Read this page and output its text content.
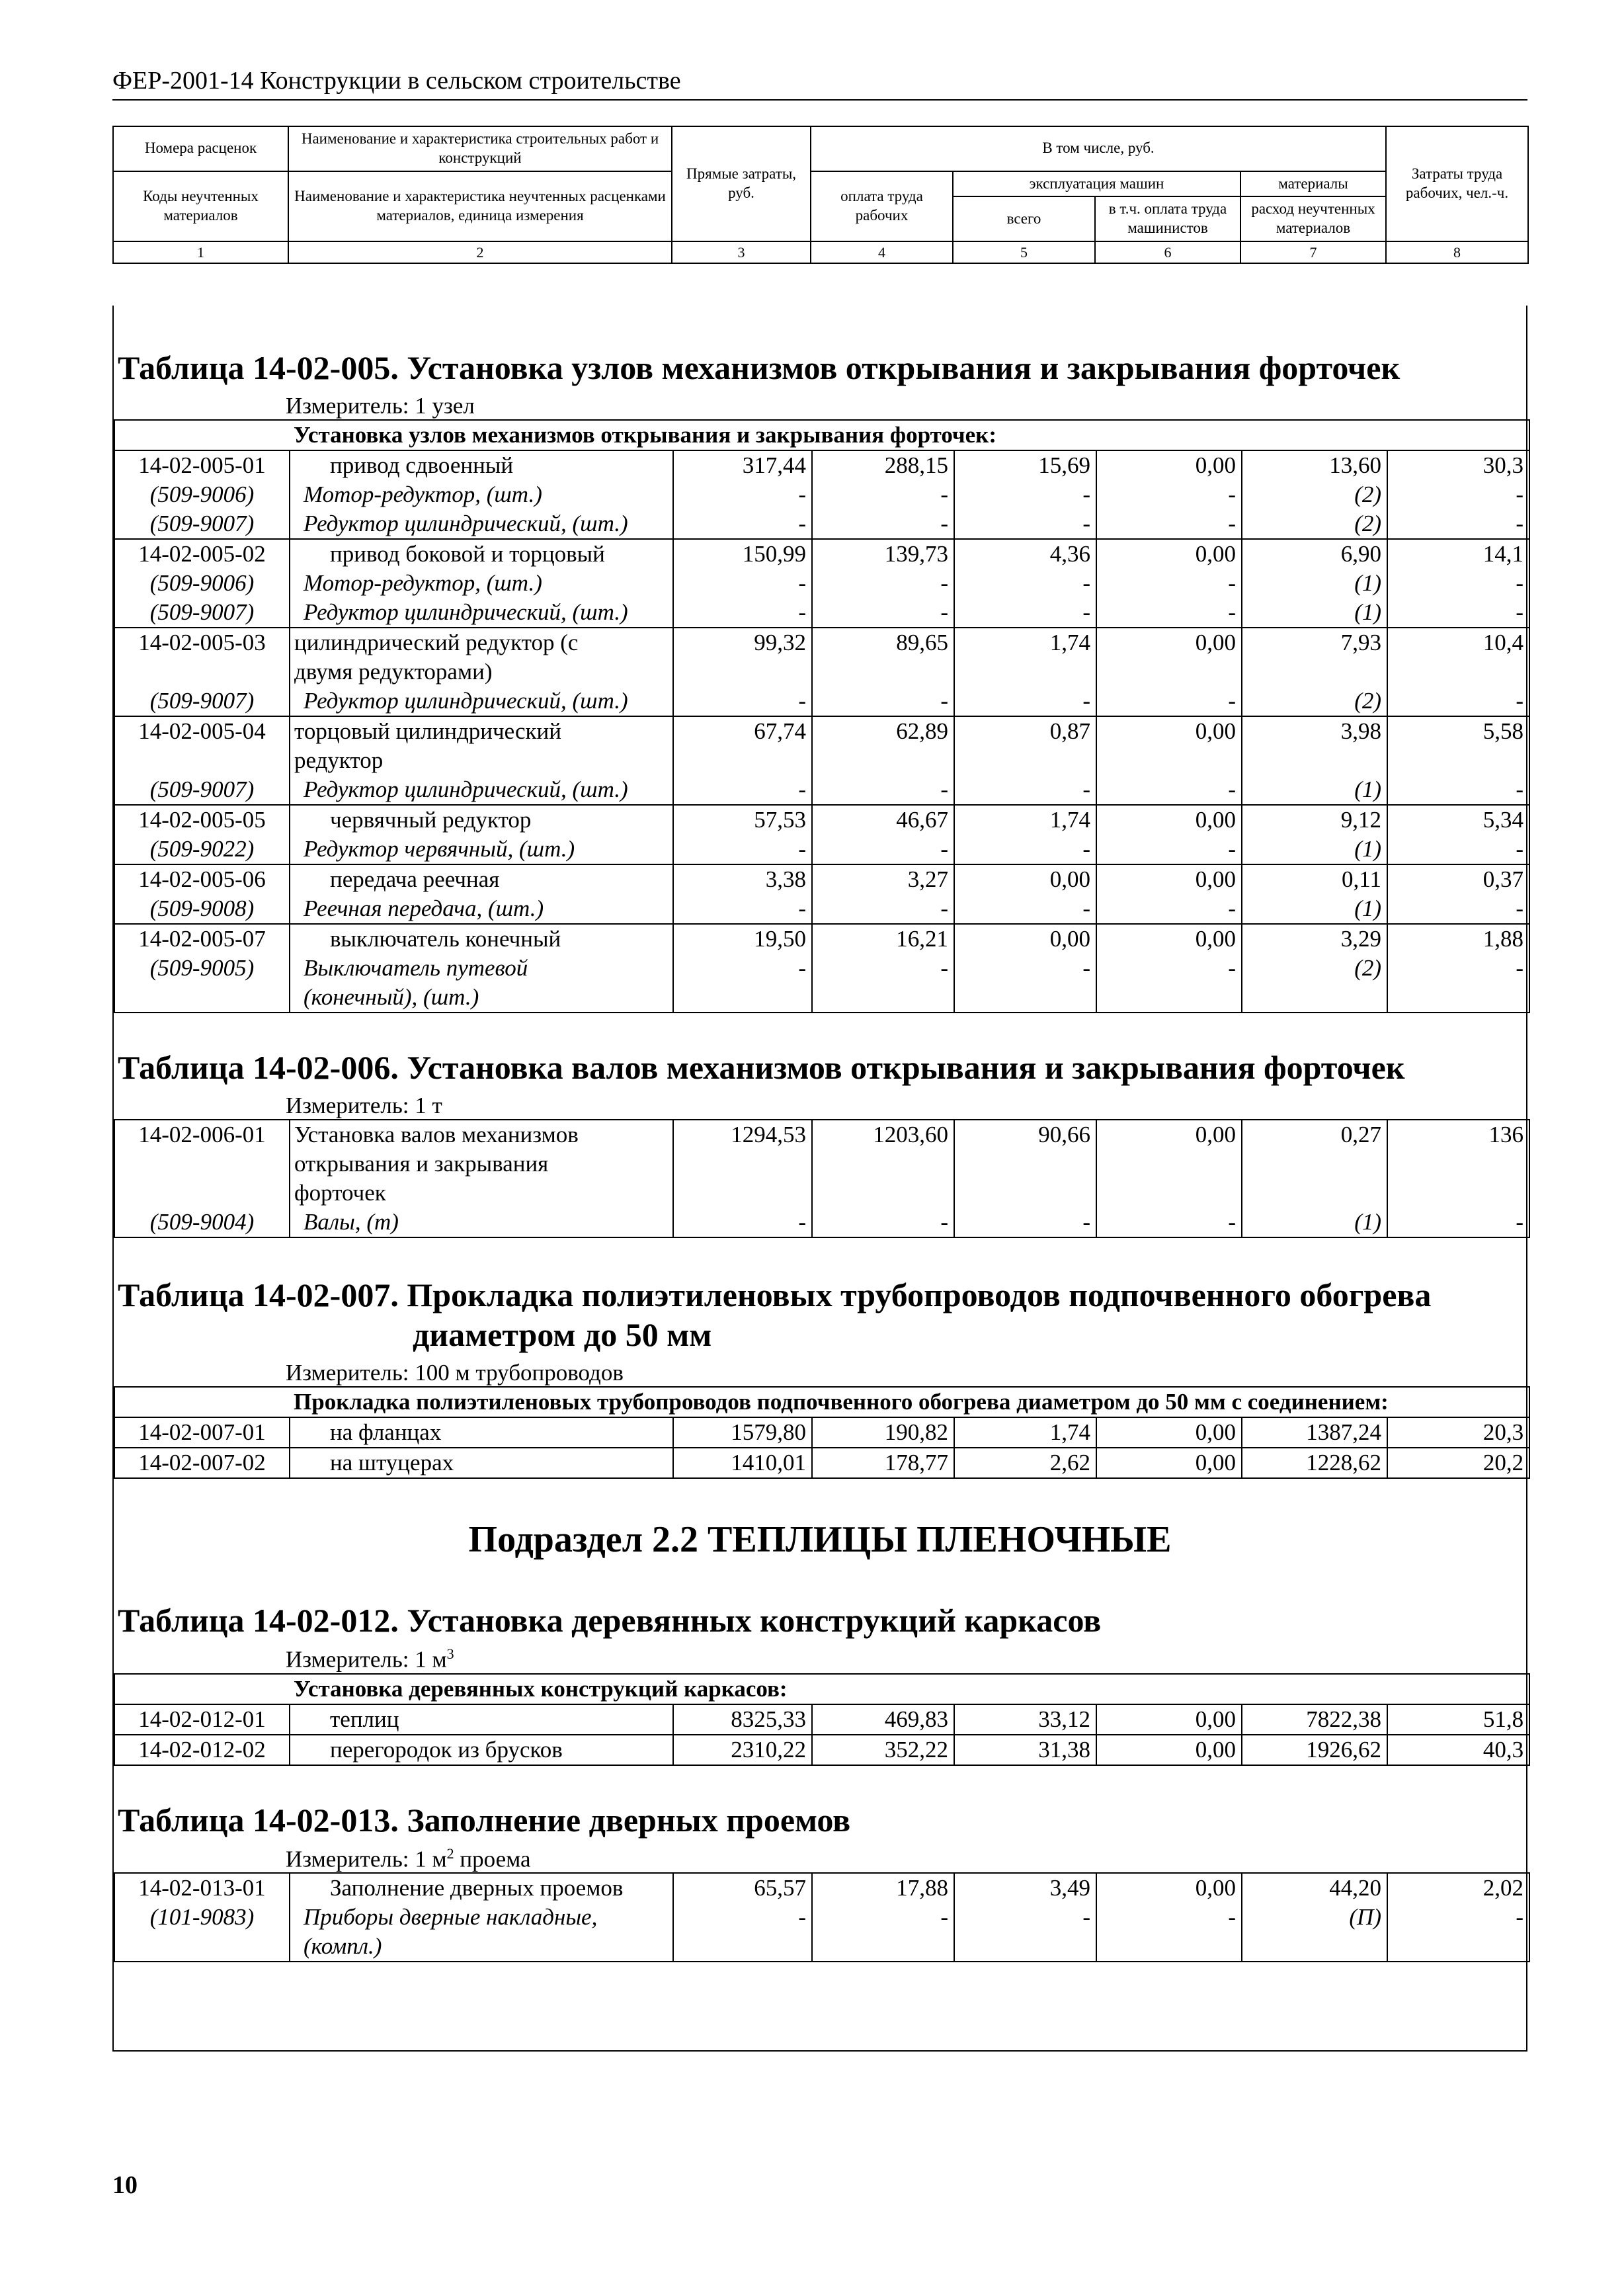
ФЕР-2001-14 Конструкции в сельском строительстве
Номера расценок	Наименование и характеристика строительных работ и конструкций	Прямые затраты, руб.	В том числе, руб.				Затраты труда рабочих, чел.-ч.
Коды неучтенных материалов	Наименование и характеристика неучтенных расценками материалов, единица измерения		оплата труда рабочих	эксплуатация машин		материалы	
				всего	в т.ч. оплата труда машинистов	расход неучтенных материалов	
1	2	3	4	5	6	7	8
Таблица 14-02-005. Установка узлов механизмов открывания и закрывания форточек
Измеритель: 1 узел
Установка узлов механизмов открывания и закрывания форточек:							
14-02-005-01	привод сдвоенный	317,44	288,15	15,69	0,00	13,60	30,3
(509-9006)	Мотор-редуктор, (шт.)	-	-	-	-	(2)	-
(509-9007)	Редуктор цилиндрический, (шт.)	-	-	-	-	(2)	-
14-02-005-02	привод боковой и торцовый	150,99	139,73	4,36	0,00	6,90	14,1
(509-9006)	Мотор-редуктор, (шт.)	-	-	-	-	(1)	-
(509-9007)	Редуктор цилиндрический, (шт.)	-	-	-	-	(1)	-
14-02-005-03	цилиндрический редуктор (с	99,32	89,65	1,74	0,00	7,93	10,4
	двумя редукторами)						
(509-9007)	Редуктор цилиндрический, (шт.)	-	-	-	-	(2)	-
14-02-005-04	торцовый цилиндрический	67,74	62,89	0,87	0,00	3,98	5,58
	редуктор						
(509-9007)	Редуктор цилиндрический, (шт.)	-	-	-	-	(1)	-
14-02-005-05	червячный редуктор	57,53	46,67	1,74	0,00	9,12	5,34
(509-9022)	Редуктор червячный, (шт.)	-	-	-	-	(1)	-
14-02-005-06	передача реечная	3,38	3,27	0,00	0,00	0,11	0,37
(509-9008)	Реечная передача, (шт.)	-	-	-	-	(1)	-
14-02-005-07	выключатель конечный	19,50	16,21	0,00	0,00	3,29	1,88
(509-9005)	Выключатель путевой	-	-	-	-	(2)	-
	(конечный), (шт.)						
Таблица 14-02-006. Установка валов механизмов открывания и закрывания форточек
Измеритель: 1 т
14-02-006-01	Установка валов механизмов	1294,53	1203,60	90,66	0,00	0,27	136
	открывания и закрывания						
	форточек						
(509-9004)	Валы, (т)	-	-	-	-	(1)	-
Таблица 14-02-007. Прокладка полиэтиленовых трубопроводов подпочвенного обогрева
диаметром до 50 мм
Измеритель: 100 м трубопроводов
Прокладка полиэтиленовых трубопроводов подпочвенного обогрева диаметром до 50 мм с соединением:							
14-02-007-01	на фланцах	1579,80	190,82	1,74	0,00	1387,24	20,3
14-02-007-02	на штуцерах	1410,01	178,77	2,62	0,00	1228,62	20,2
Подраздел 2.2 ТЕПЛИЦЫ ПЛЕНОЧНЫЕ
Таблица 14-02-012. Установка деревянных конструкций каркасов
Измеритель: 1 $м^3$
Установка деревянных конструкций каркасов:							
14-02-012-01	теплиц	8325,33	469,83	33,12	0,00	7822,38	51,8
14-02-012-02	перегородок из брусков	2310,22	352,22	31,38	0,00	1926,62	40,3
Таблица 14-02-013. Заполнение дверных проемов
Измеритель: 1 $м^2$ проема
14-02-013-01	Заполнение дверных проемов	65,57	17,88	3,49	0,00	44,20	2,02
(101-9083)	Приборы дверные накладные,	-	-	-	-	(П)	-
	(компл.)						
10
